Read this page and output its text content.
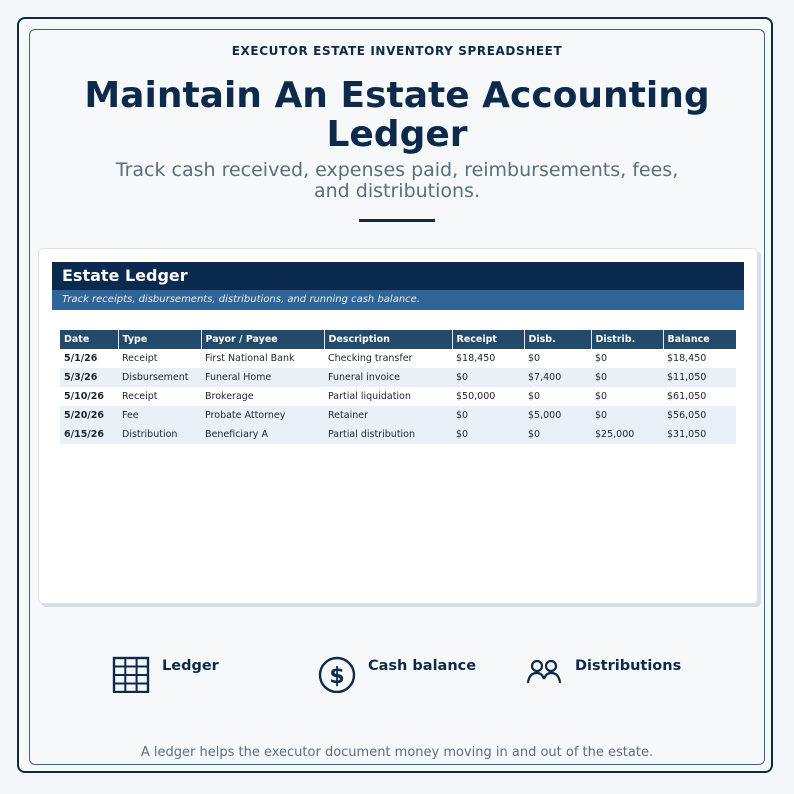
EXECUTOR ESTATE INVENTORY SPREADSHEET
Maintain An Estate Accounting Ledger
Track cash received, expenses paid, reimbursements, fees, and distributions.
Estate Ledger
Track receipts, disbursements, distributions, and running cash balance.
Date	Type	Payor / Payee	Description	Receipt	Disb.	Distrib.	Balance
5/1/26	Receipt	First National Bank	Checking transfer	$18,450	$0	$0	$18,450
5/3/26	Disbursement	Funeral Home	Funeral invoice	$0	$7,400	$0	$11,050
5/10/26	Receipt	Brokerage	Partial liquidation	$50,000	$0	$0	$61,050
5/20/26	Fee	Probate Attorney	Retainer	$0	$5,000	$0	$56,050
6/15/26	Distribution	Beneficiary A	Partial distribution	$0	$0	$25,000	$31,050
Ledger	$ Cash balance	Distributions
A ledger helps the executor document money moving in and out of the estate.
